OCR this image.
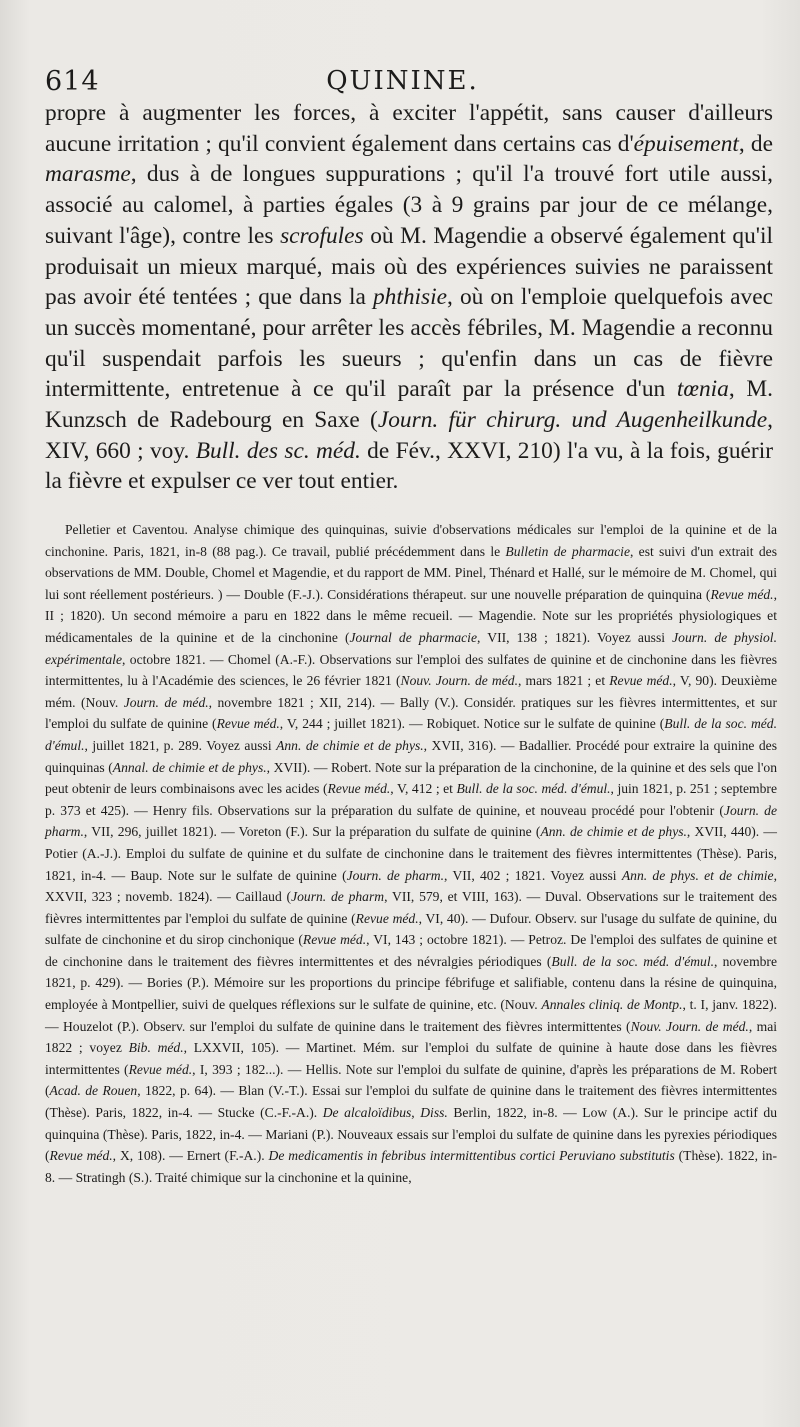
614	QUININE.

propre à augmenter les forces, à exciter l'appétit, sans causer d'ailleurs aucune irritation ; qu'il convient également dans certains cas d'épuisement, de marasme, dus à de longues suppurations ; qu'il l'a trouvé fort utile aussi, associé au calomel, à parties égales (3 à 9 grains par jour de ce mélange, suivant l'âge), contre les scrofules où M. Magendie a observé également qu'il produisait un mieux marqué, mais où des expériences suivies ne paraissent pas avoir été tentées ; que dans la phthisie, où on l'emploie quelquefois avec un succès momentané, pour arrêter les accès fébriles, M. Magendie a reconnu qu'il suspendait parfois les sueurs ; qu'enfin dans un cas de fièvre intermittente, entretenue à ce qu'il paraît par la présence d'un tœnia, M. Kunzsch de Radebourg en Saxe (Journ. für chirurg. und Augenheilkunde, XIV, 660 ; voy. Bull. des sc. méd. de Fév., XXVI, 210) l'a vu, à la fois, guérir la fièvre et expulser ce ver tout entier.

Pelletier et Caventou. Analyse chimique des quinquinas, suivie d'observations médicales sur l'emploi de la quinine et de la cinchonine. Paris, 1821, in-8 (88 pag.). Ce travail, publié précédemment dans le Bulletin de pharmacie, est suivi d'un extrait des observations de MM. Double, Chomel et Magendie, et du rapport de MM. Pinel, Thénard et Hallé, sur le mémoire de M. Chomel, qui lui sont réellement postérieurs. ) — Double (F.-J.). Considérations thérapeut. sur une nouvelle préparation de quinquina (Revue méd., II ; 1820). Un second mémoire a paru en 1822 dans le même recueil. — Magendie. Note sur les propriétés physiologiques et médicamentales de la quinine et de la cinchonine (Journal de pharmacie, VII, 138 ; 1821). Voyez aussi Journ. de physiol. expérimentale, octobre 1821. — Chomel (A.-F.). Observations sur l'emploi des sulfates de quinine et de cinchonine dans les fièvres intermittentes, lu à l'Académie des sciences, le 26 février 1821 (Nouv. Journ. de méd., mars 1821 ; et Revue méd., V, 90). Deuxième mém. (Nouv. Journ. de méd., novembre 1821 ; XII, 214). — Bally (V.). Considér. pratiques sur les fièvres intermittentes, et sur l'emploi du sulfate de quinine (Revue méd., V, 244 ; juillet 1821). — Robiquet. Notice sur le sulfate de quinine (Bull. de la soc. méd. d'émul., juillet 1821, p. 289. Voyez aussi Ann. de chimie et de phys., XVII, 316). — Badallier. Procédé pour extraire la quinine des quinquinas (Annal. de chimie et de phys., XVII). — Robert. Note sur la préparation de la cinchonine, de la quinine et des sels que l'on peut obtenir de leurs combinaisons avec les acides (Revue méd., V, 412 ; et Bull. de la soc. méd. d'émul., juin 1821, p. 251 ; septembre p. 373 et 425). — Henry fils. Observations sur la préparation du sulfate de quinine, et nouveau procédé pour l'obtenir (Journ. de pharm., VII, 296, juillet 1821). — Voreton (F.). Sur la préparation du sulfate de quinine (Ann. de chimie et de phys., XVII, 440). — Potier (A.-J.). Emploi du sulfate de quinine et du sulfate de cinchonine dans le traitement des fièvres intermittentes (Thèse). Paris, 1821, in-4. — Baup. Note sur le sulfate de quinine (Journ. de pharm., VII, 402 ; 1821. Voyez aussi Ann. de phys. et de chimie, XXVII, 323 ; novemb. 1824). — Caillaud (Journ. de pharm, VII, 579, et VIII, 163). — Duval. Observations sur le traitement des fièvres intermittentes par l'emploi du sulfate de quinine (Revue méd., VI, 40). — Dufour. Observ. sur l'usage du sulfate de quinine, du sulfate de cinchonine et du sirop cinchonique (Revue méd., VI, 143 ; octobre 1821). — Petroz. De l'emploi des sulfates de quinine et de cinchonine dans le traitement des fièvres intermittentes et des névralgies périodiques (Bull. de la soc. méd. d'émul., novembre 1821, p. 429). — Bories (P.). Mémoire sur les proportions du principe fébrifuge et salifiable, contenu dans la résine de quinquina, employée à Montpellier, suivi de quelques réflexions sur le sulfate de quinine, etc. (Nouv. Annales cliniq. de Montp., t. I, janv. 1822). — Houzelot (P.). Observ. sur l'emploi du sulfate de quinine dans le traitement des fièvres intermittentes (Nouv. Journ. de méd., mai 1822 ; voyez Bib. méd., LXXVII, 105). — Martinet. Mém. sur l'emploi du sulfate de quinine à haute dose dans les fièvres intermittentes (Revue méd., I, 393 ; 182...). — Hellis. Note sur l'emploi du sulfate de quinine, d'après les préparations de M. Robert (Acad. de Rouen, 1822, p. 64). — Blan (V.-T.). Essai sur l'emploi du sulfate de quinine dans le traitement des fièvres intermittentes (Thèse). Paris, 1822, in-4. — Stucke (C.-F.-A.). De alcaloïdibus, Diss. Berlin, 1822, in-8. — Low (A.). Sur le principe actif du quinquina (Thèse). Paris, 1822, in-4. — Mariani (P.). Nouveaux essais sur l'emploi du sulfate de quinine dans les pyrexies périodiques (Revue méd., X, 108). — Ernert (F.-A.). De medicamentis in febribus intermittentibus cortici Peruviano substitutis (Thèse). 1822, in-8. — Stratingh (S.). Traité chimique sur la cinchonine et la quinine,
